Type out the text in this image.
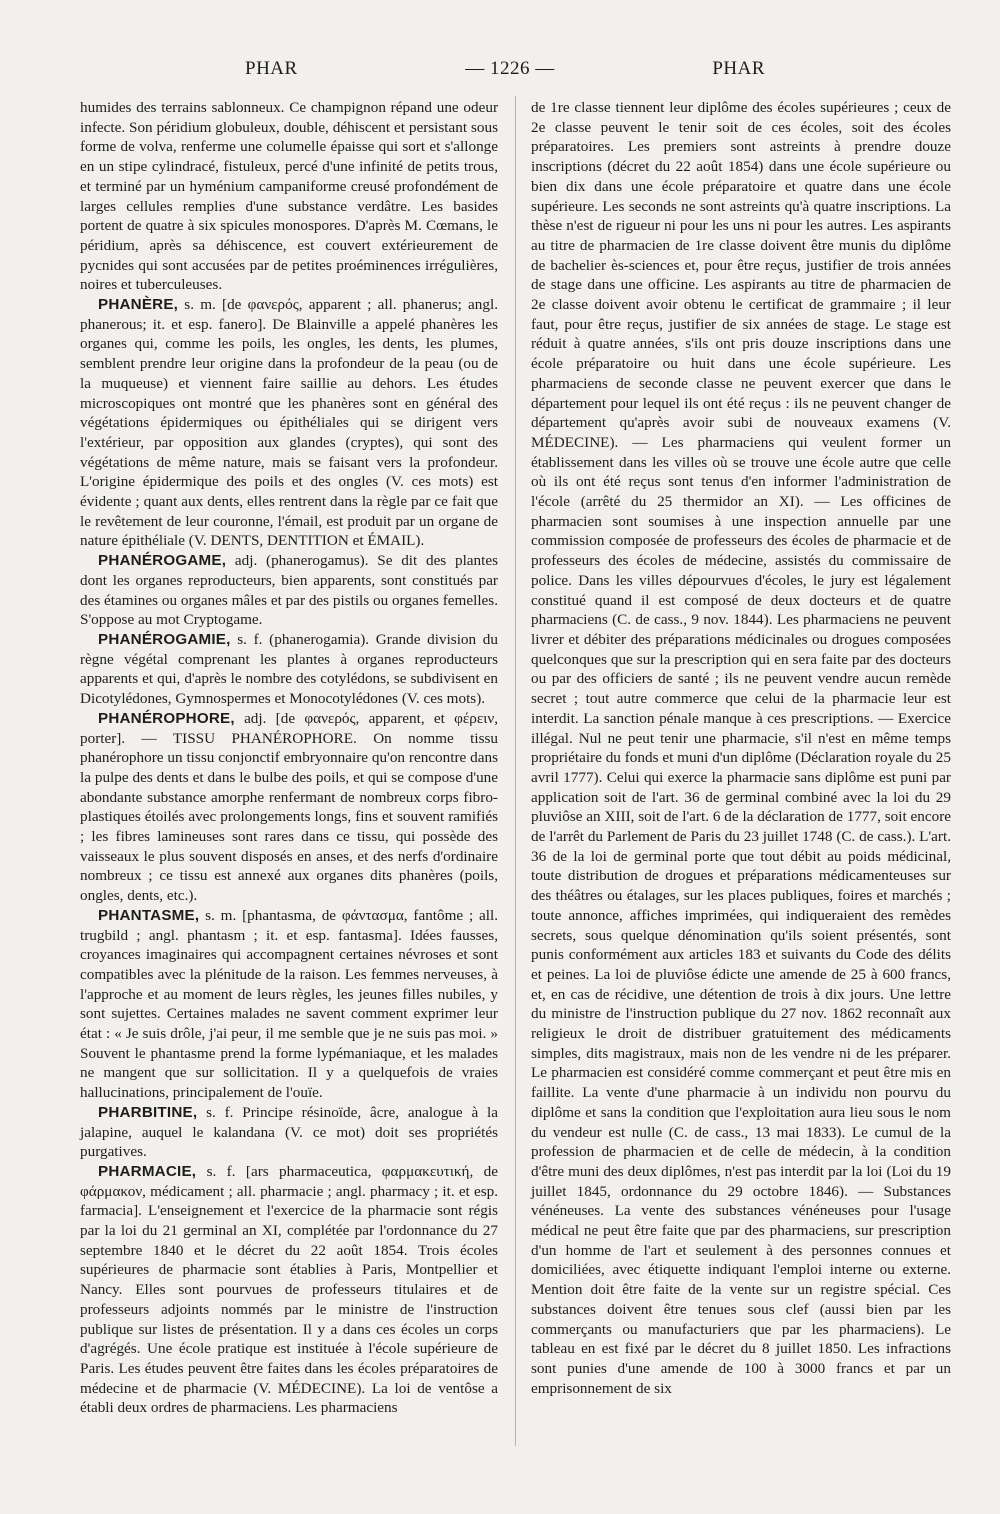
PHAR	— 1226 —	PHAR

humides des terrains sablonneux. Ce champignon répand une odeur infecte. Son péridium globuleux, double, déhiscent et persistant sous forme de volva, renferme une columelle épaisse qui sort et s'allonge en un stipe cylindracé, fistuleux, percé d'une infinité de petits trous, et terminé par un hyménium campaniforme creusé profondément de larges cellules remplies d'une substance verdâtre. Les basides portent de quatre à six spicules monospores. D'après M. Cœmans, le péridium, après sa déhiscence, est couvert extérieurement de pycnides qui sont accusées par de petites proéminences irrégulières, noires et tuberculeuses.

PHANÈRE, s. m. [de φανερός, apparent ; all. phanerus; angl. phanerous; it. et esp. fanero]. De Blainville a appelé phanères les organes qui, comme les poils, les ongles, les dents, les plumes, semblent prendre leur origine dans la profondeur de la peau (ou de la muqueuse) et viennent faire saillie au dehors. Les études microscopiques ont montré que les phanères sont en général des végétations épidermiques ou épithéliales qui se dirigent vers l'extérieur, par opposition aux glandes (cryptes), qui sont des végétations de même nature, mais se faisant vers la profondeur. L'origine épidermique des poils et des ongles (V. ces mots) est évidente ; quant aux dents, elles rentrent dans la règle par ce fait que le revêtement de leur couronne, l'émail, est produit par un organe de nature épithéliale (V. DENTS, DENTITION et ÉMAIL).

PHANÉROGAME, adj. (phanerogamus). Se dit des plantes dont les organes reproducteurs, bien apparents, sont constitués par des étamines ou organes mâles et par des pistils ou organes femelles. S'oppose au mot Cryptogame.

PHANÉROGAMIE, s. f. (phanerogamia). Grande division du règne végétal comprenant les plantes à organes reproducteurs apparents et qui, d'après le nombre des cotylédons, se subdivisent en Dicotylédones, Gymnospermes et Monocotylédones (V. ces mots).

PHANÉROPHORE, adj. [de φανερός, apparent, et φέρειν, porter]. — TISSU PHANÉROPHORE. On nomme tissu phanérophore un tissu conjonctif embryonnaire qu'on rencontre dans la pulpe des dents et dans le bulbe des poils, et qui se compose d'une abondante substance amorphe renfermant de nombreux corps fibro-plastiques étoilés avec prolongements longs, fins et souvent ramifiés ; les fibres lamineuses sont rares dans ce tissu, qui possède des vaisseaux le plus souvent disposés en anses, et des nerfs d'ordinaire nombreux ; ce tissu est annexé aux organes dits phanères (poils, ongles, dents, etc.).

PHANTASME, s. m. [phantasma, de φάντασμα, fantôme ; all. trugbild ; angl. phantasm ; it. et esp. fantasma]. Idées fausses, croyances imaginaires qui accompagnent certaines névroses et sont compatibles avec la plénitude de la raison. Les femmes nerveuses, à l'approche et au moment de leurs règles, les jeunes filles nubiles, y sont sujettes. Certaines malades ne savent comment exprimer leur état : « Je suis drôle, j'ai peur, il me semble que je ne suis pas moi. » Souvent le phantasme prend la forme lypémaniaque, et les malades ne mangent que sur sollicitation. Il y a quelquefois de vraies hallucinations, principalement de l'ouïe.

PHARBITINE, s. f. Principe résinoïde, âcre, analogue à la jalapine, auquel le kalandana (V. ce mot) doit ses propriétés purgatives.

PHARMACIE, s. f. [ars pharmaceutica, φαρμακευτική, de φάρμακον, médicament ; all. pharmacie ; angl. pharmacy ; it. et esp. farmacia]. L'enseignement et l'exercice de la pharmacie sont régis par la loi du 21 germinal an XI, complétée par l'ordonnance du 27 septembre 1840 et le décret du 22 août 1854. Trois écoles supérieures de pharmacie sont établies à Paris, Montpellier et Nancy. Elles sont pourvues de professeurs titulaires et de professeurs adjoints nommés par le ministre de l'instruction publique sur listes de présentation. Il y a dans ces écoles un corps d'agrégés. Une école pratique est instituée à l'école supérieure de Paris. Les études peuvent être faites dans les écoles préparatoires de médecine et de pharmacie (V. MÉDECINE). La loi de ventôse a établi deux ordres de pharmaciens. Les pharmaciens

de 1re classe tiennent leur diplôme des écoles supérieures ; ceux de 2e classe peuvent le tenir soit de ces écoles, soit des écoles préparatoires. Les premiers sont astreints à prendre douze inscriptions (décret du 22 août 1854) dans une école supérieure ou bien dix dans une école préparatoire et quatre dans une école supérieure. Les seconds ne sont astreints qu'à quatre inscriptions. La thèse n'est de rigueur ni pour les uns ni pour les autres. Les aspirants au titre de pharmacien de 1re classe doivent être munis du diplôme de bachelier ès-sciences et, pour être reçus, justifier de trois années de stage dans une officine. Les aspirants au titre de pharmacien de 2e classe doivent avoir obtenu le certificat de grammaire ; il leur faut, pour être reçus, justifier de six années de stage. Le stage est réduit à quatre années, s'ils ont pris douze inscriptions dans une école préparatoire ou huit dans une école supérieure. Les pharmaciens de seconde classe ne peuvent exercer que dans le département pour lequel ils ont été reçus : ils ne peuvent changer de département qu'après avoir subi de nouveaux examens (V. MÉDECINE). — Les pharmaciens qui veulent former un établissement dans les villes où se trouve une école autre que celle où ils ont été reçus sont tenus d'en informer l'administration de l'école (arrêté du 25 thermidor an XI). — Les officines de pharmacien sont soumises à une inspection annuelle par une commission composée de professeurs des écoles de pharmacie et de professeurs des écoles de médecine, assistés du commissaire de police. Dans les villes dépourvues d'écoles, le jury est légalement constitué quand il est composé de deux docteurs et de quatre pharmaciens (C. de cass., 9 nov. 1844). Les pharmaciens ne peuvent livrer et débiter des préparations médicinales ou drogues composées quelconques que sur la prescription qui en sera faite par des docteurs ou par des officiers de santé ; ils ne peuvent vendre aucun remède secret ; tout autre commerce que celui de la pharmacie leur est interdit. La sanction pénale manque à ces prescriptions. — Exercice illégal. Nul ne peut tenir une pharmacie, s'il n'est en même temps propriétaire du fonds et muni d'un diplôme (Déclaration royale du 25 avril 1777). Celui qui exerce la pharmacie sans diplôme est puni par application soit de l'art. 36 de germinal combiné avec la loi du 29 pluviôse an XIII, soit de l'art. 6 de la déclaration de 1777, soit encore de l'arrêt du Parlement de Paris du 23 juillet 1748 (C. de cass.). L'art. 36 de la loi de germinal porte que tout débit au poids médicinal, toute distribution de drogues et préparations médicamenteuses sur des théâtres ou étalages, sur les places publiques, foires et marchés ; toute annonce, affiches imprimées, qui indiqueraient des remèdes secrets, sous quelque dénomination qu'ils soient présentés, sont punis conformément aux articles 183 et suivants du Code des délits et peines. La loi de pluviôse édicte une amende de 25 à 600 francs, et, en cas de récidive, une détention de trois à dix jours. Une lettre du ministre de l'instruction publique du 27 nov. 1862 reconnaît aux religieux le droit de distribuer gratuitement des médicaments simples, dits magistraux, mais non de les vendre ni de les préparer. Le pharmacien est considéré comme commerçant et peut être mis en faillite. La vente d'une pharmacie à un individu non pourvu du diplôme et sans la condition que l'exploitation aura lieu sous le nom du vendeur est nulle (C. de cass., 13 mai 1833). Le cumul de la profession de pharmacien et de celle de médecin, à la condition d'être muni des deux diplômes, n'est pas interdit par la loi (Loi du 19 juillet 1845, ordonnance du 29 octobre 1846). — Substances vénéneuses. La vente des substances vénéneuses pour l'usage médical ne peut être faite que par des pharmaciens, sur prescription d'un homme de l'art et seulement à des personnes connues et domiciliées, avec étiquette indiquant l'emploi interne ou externe. Mention doit être faite de la vente sur un registre spécial. Ces substances doivent être tenues sous clef (aussi bien par les commerçants ou manufacturiers que par les pharmaciens). Le tableau en est fixé par le décret du 8 juillet 1850. Les infractions sont punies d'une amende de 100 à 3000 francs et par un emprisonnement de six
